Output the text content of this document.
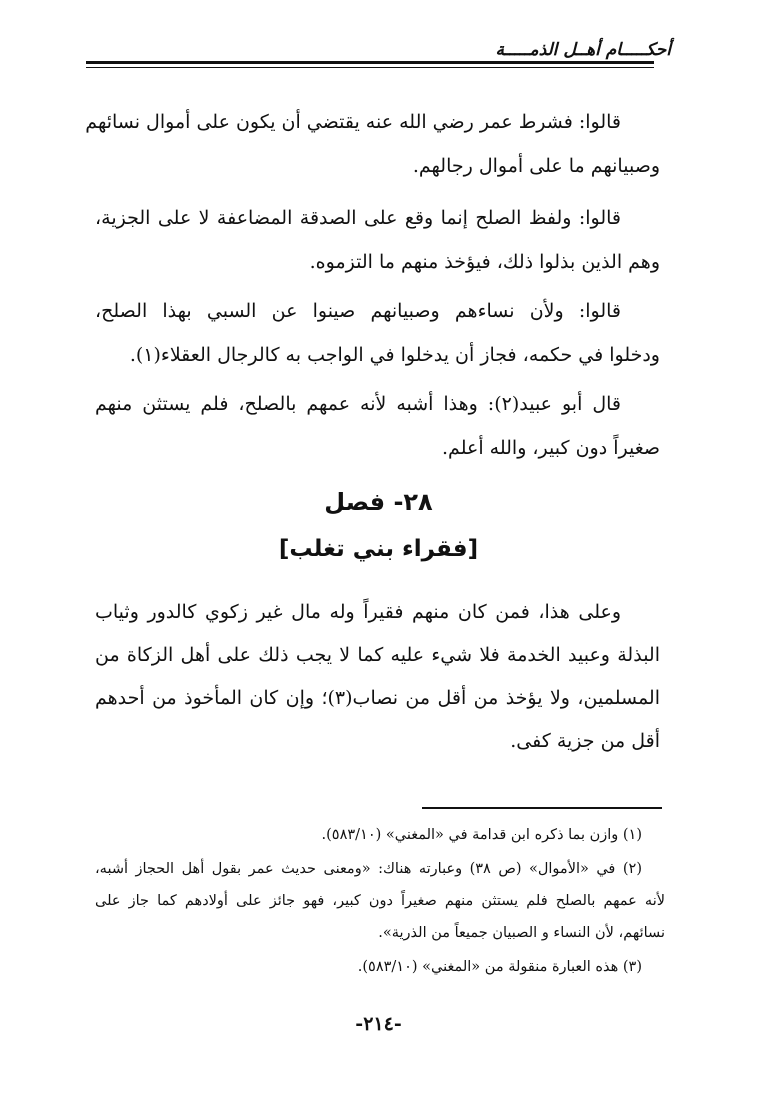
أحكـــــام أهــل الذمـــــة
قالوا: فشرط عمر رضي الله عنه يقتضي أن يكون على أموال نسائهم
وصبيانهم ما على أموال رجالهم.
قالوا: ولفظ الصلح إنما وقع على الصدقة المضاعفة لا على الجزية،
وهم الذين بذلوا ذلك، فيؤخذ منهم ما التزموه.
قالوا: ولأن نساءهم وصبيانهم صينوا عن السبي بهذا الصلح،
ودخلوا في حكمه، فجاز أن يدخلوا في الواجب به كالرجال العقلاء(١).
قال أبو عبيد(٢): وهذا أشبه لأنه عمهم بالصلح، فلم يستثن منهم
صغيراً دون كبير، والله أعلم.
٢٨- فصل
[فقراء بني تغلب]
وعلى هذا، فمن كان منهم فقيراً وله مال غير زكوي كالدور وثياب
البذلة وعبيد الخدمة فلا شيء عليه كما لا يجب ذلك على أهل الزكاة من
المسلمين، ولا يؤخذ من أقل من نصاب(٣)؛ وإن كان المأخوذ من أحدهم
أقل من جزية كفى.
(١) وازن بما ذكره ابن قدامة في «المغني» (٥٨٣/١٠).
(٢) في «الأموال» (ص ٣٨) وعبارته هناك: «ومعنى حديث عمر بقول أهل الحجاز أشبه،
لأنه عمهم بالصلح فلم يستثن منهم صغيراً دون كبير، فهو جائز على أولادهم كما جاز على
نسائهم، لأن النساء و الصبيان جميعاً من الذرية».
(٣) هذه العبارة منقولة من «المغني» (٥٨٣/١٠).
-٢١٤-
